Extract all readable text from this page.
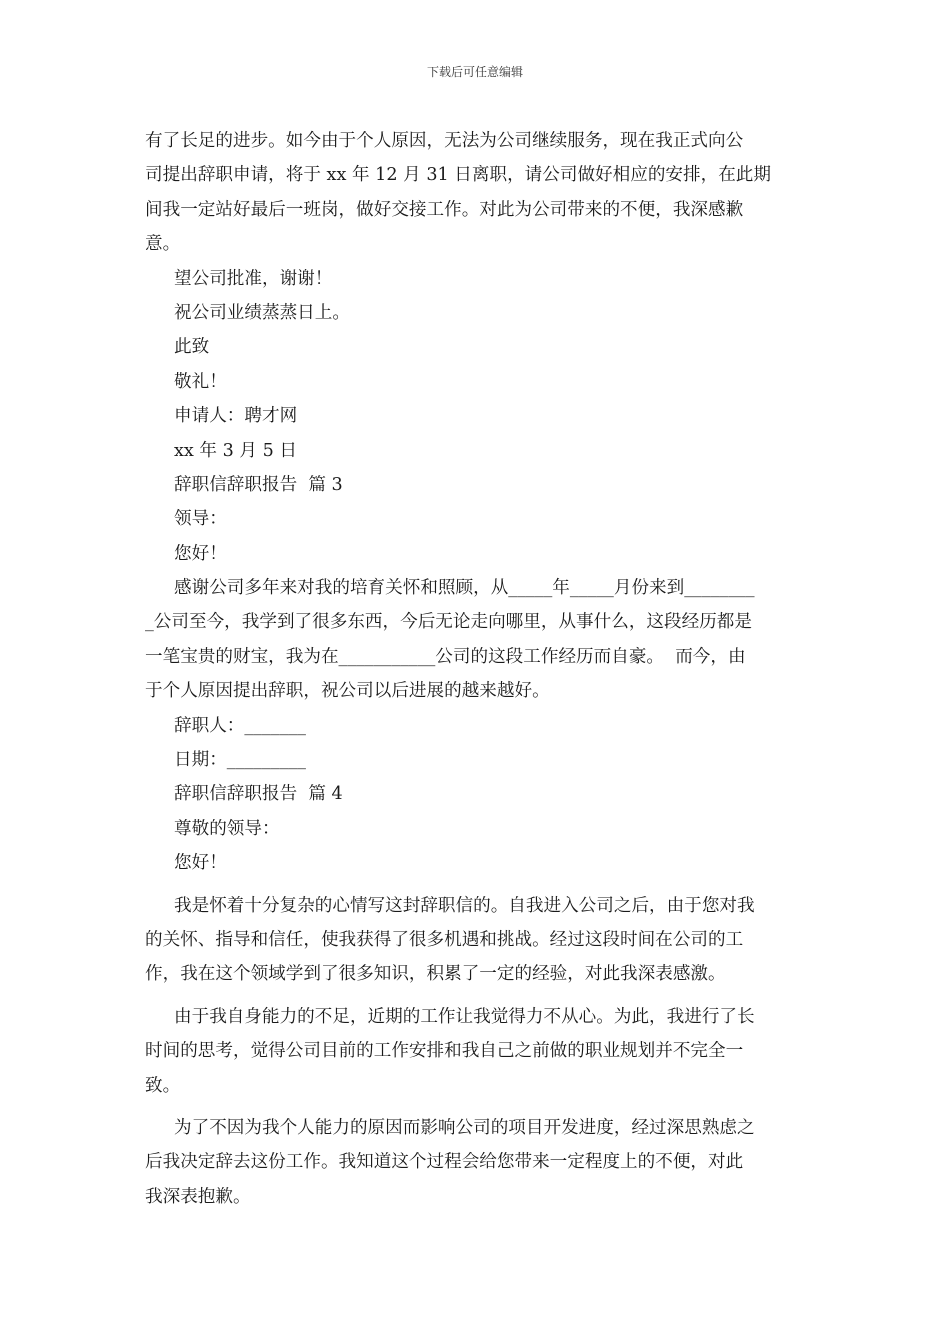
下载后可任意编辑
有了长足的进步。如今由于个人原因，无法为公司继续服务，现在我正式向公
司提出辞职申请，将于 xx 年 12 月 31 日离职，请公司做好相应的安排，在此期
间我一定站好最后一班岗，做好交接工作。对此为公司带来的不便，我深感歉
意。
望公司批准，谢谢！
祝公司业绩蒸蒸日上。
此致
敬礼！
申请人：聘才网
xx 年 3 月 5 日
辞职信辞职报告  篇 3
领导：
您好！
感谢公司多年来对我的培育关怀和照顾，从_____年_____月份来到________
_公司至今，我学到了很多东西，今后无论走向哪里，从事什么，这段经历都是
一笔宝贵的财宝，我为在___________公司的这段工作经历而自豪。  而今，由
于个人原因提出辞职，祝公司以后进展的越来越好。
辞职人：_______
日期：_________
辞职信辞职报告  篇 4
尊敬的领导：
您好！
我是怀着十分复杂的心情写这封辞职信的。自我进入公司之后，由于您对我
的关怀、指导和信任，使我获得了很多机遇和挑战。经过这段时间在公司的工
作，我在这个领域学到了很多知识，积累了一定的经验，对此我深表感激。
由于我自身能力的不足，近期的工作让我觉得力不从心。为此，我进行了长
时间的思考，觉得公司目前的工作安排和我自己之前做的职业规划并不完全一
致。
为了不因为我个人能力的原因而影响公司的项目开发进度，经过深思熟虑之
后我决定辞去这份工作。我知道这个过程会给您带来一定程度上的不便，对此
我深表抱歉。
